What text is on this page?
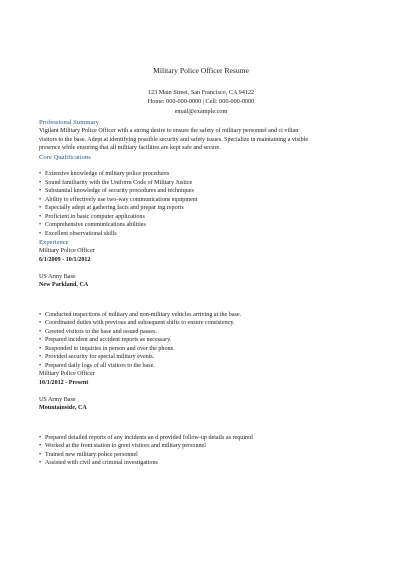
Military Police Officer Resume
123 Main Street, San Francisco, CA 94122
Home: 000-000-0000 | Cell: 000-000-0000
email@example.com
Professional Summary
Vigilant Military Police Officer with a strong desire to ensure the safety of military personnel and ci vilian
visitors to the base. Adept at identifying possible security and safety issues. Specialize in maintaining a visible
presence while ensuring that all military facilities are kept safe and secure.
Core Qualifications
• Extensive knowledge of military police procedures
• Sound familiarity with the Uniform Code of Military Justice
• Substantial knowledge of security procedures and techniques
• Ability to effectively use two-way communications equipment
• Especially adept at gathering facts and prepar ing reports
• Proficient in basic computer applications
• Comprehensive communications abilities
• Excellent observational skills
Experience
Military Police Officer
6/1/2009 - 10/1/2012
US Army Base
New Parkland, CA
• Conducted inspections of military and non-military vehicles arriving at the base.
• Coordinated duties with previous and subsequent shifts to ensure consistency.
• Greeted visitors to the base and issued passes.
• Prepared incident and accident reports as necessary.
• Responded to inquiries in person and over the phone.
• Provided security for special military events.
• Prepared daily logs of all visitors to the base.
Military Police Officer
10/1/2012 - Present
US Army Base
Mountainside, CA
• Prepared detailed reports of any incidents an d provided follow-up details as required
• Worked at the front station to greet visitors and military personnel
• Trained new military police personnel
• Assisted with civil and criminal investigations
